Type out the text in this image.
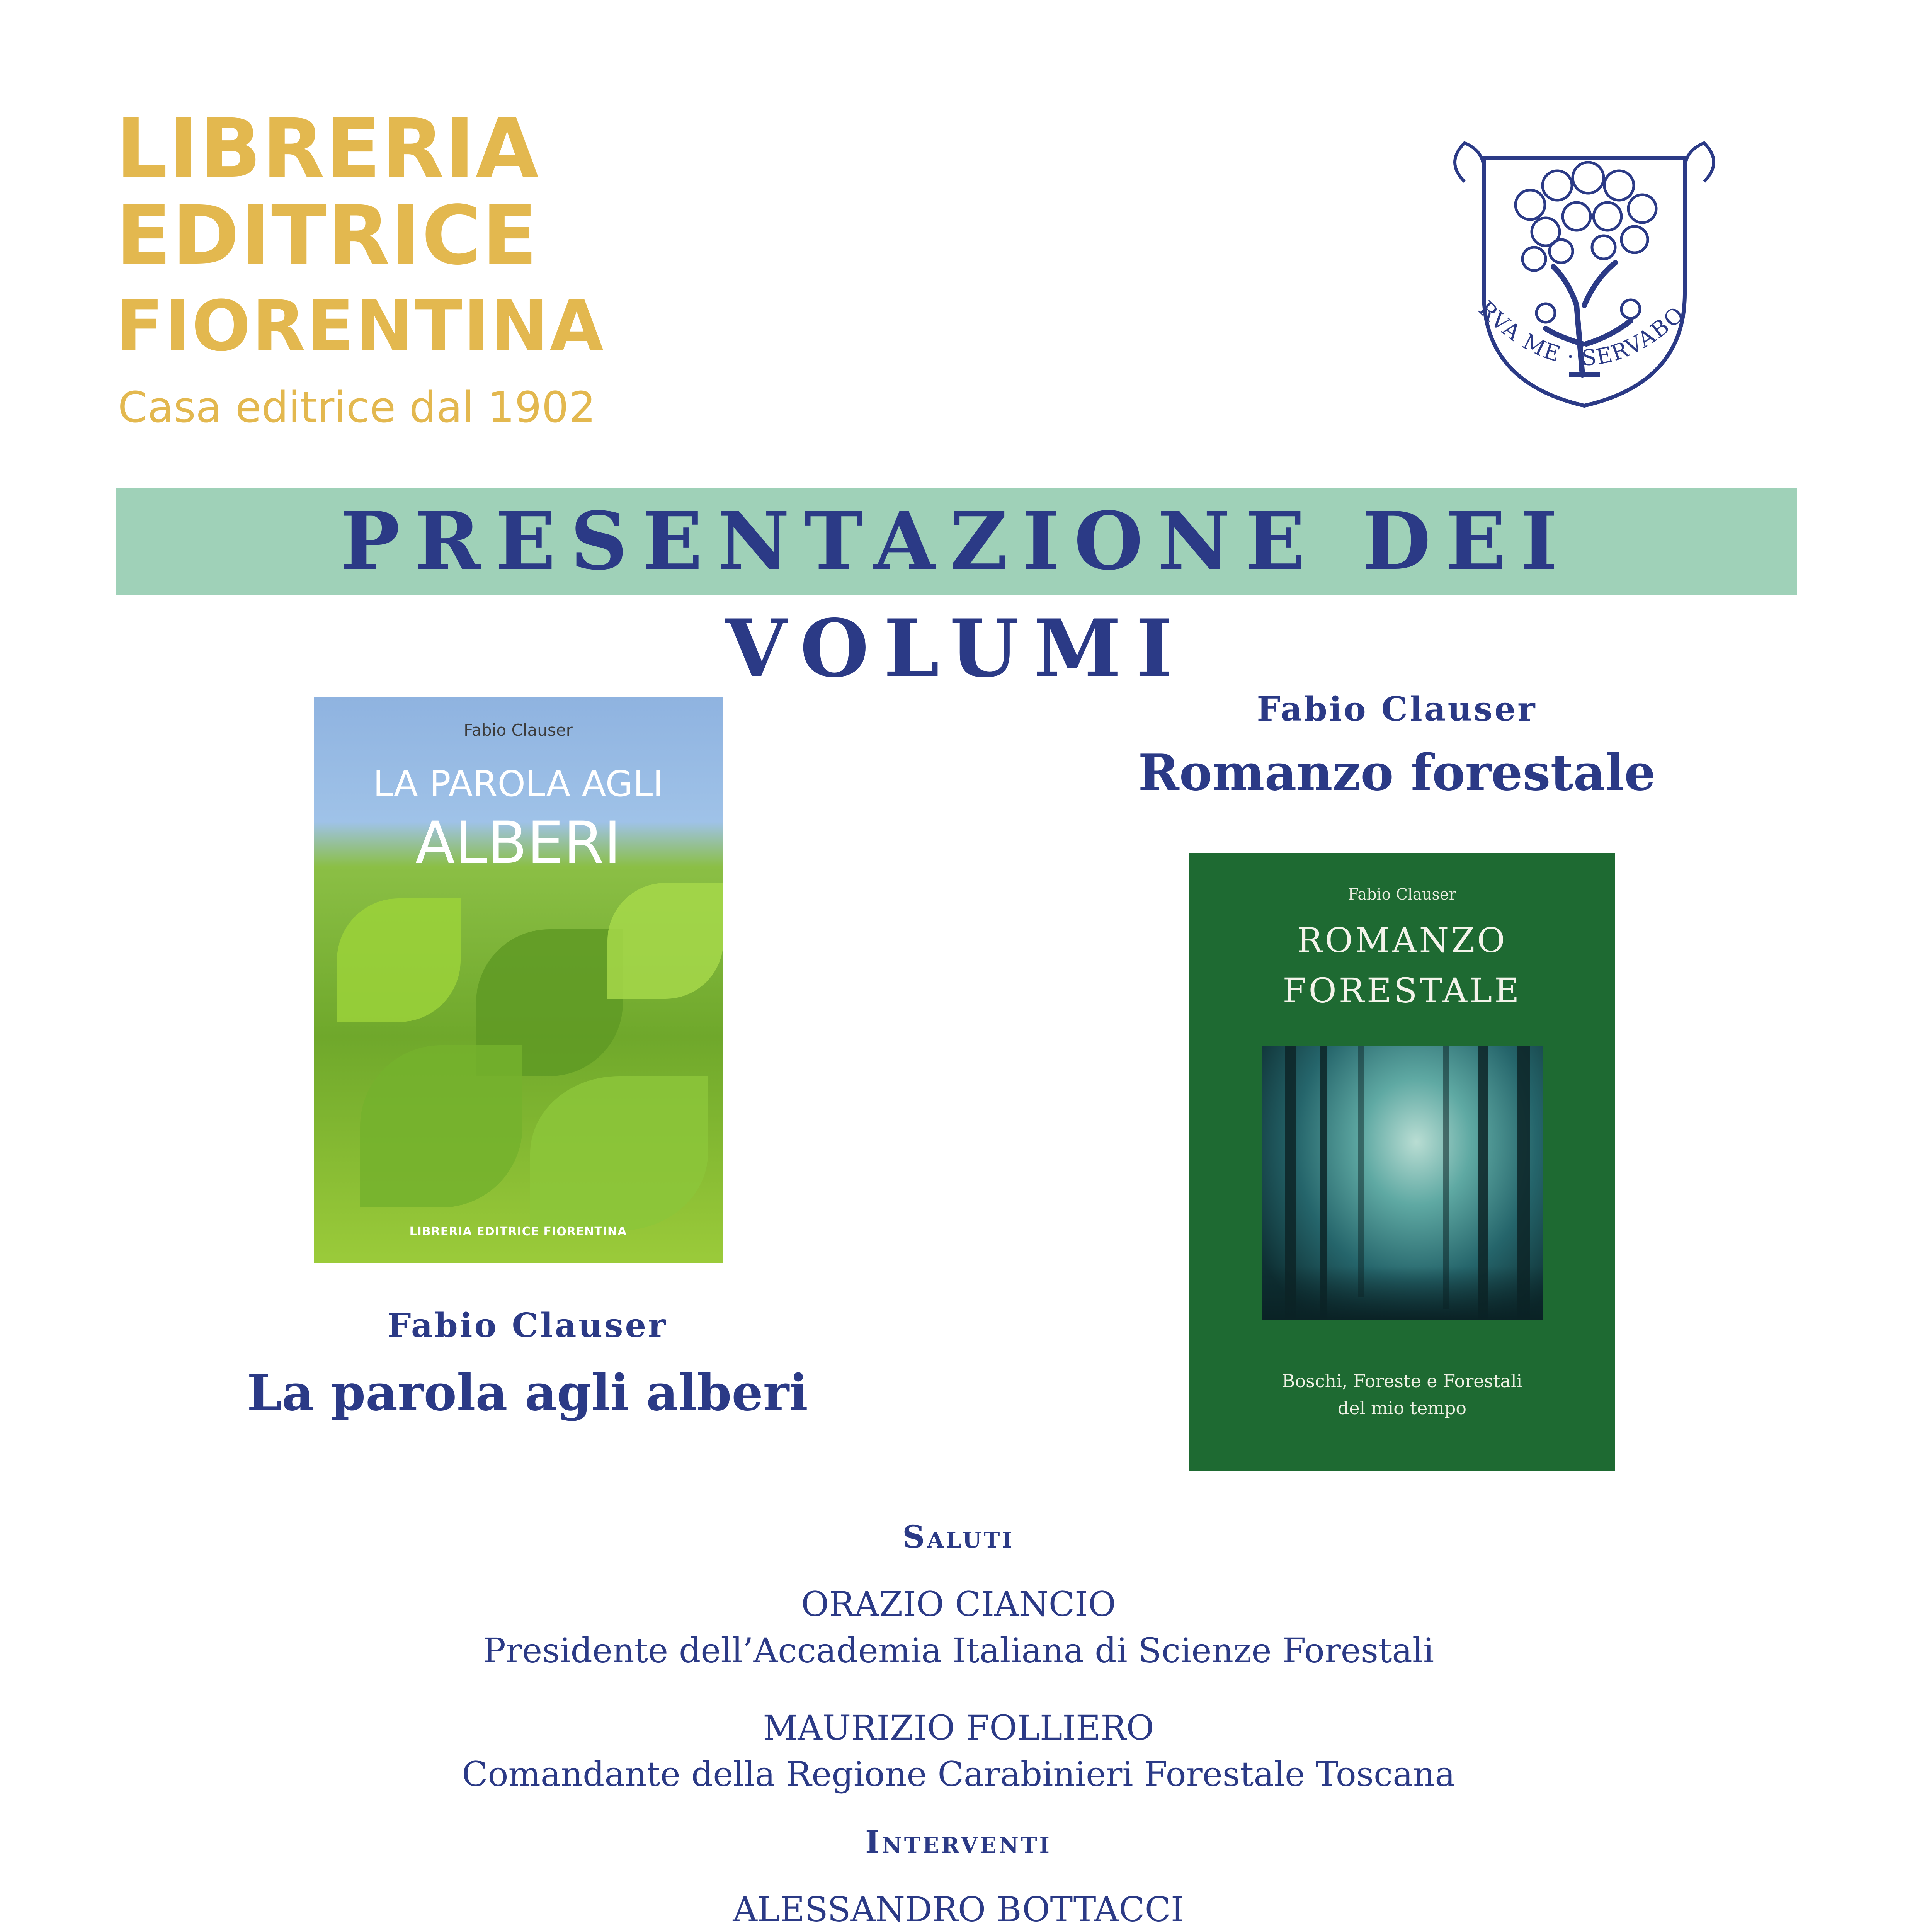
LIBRERIA
EDITRICE
FIORENTINA
Casa editrice dal 1902
RVA ME · SERVABO
PRESENTAZIONE DEI VOLUMI
Fabio Clauser
LA PAROLA AGLI
ALBERI
LIBRERIA EDITRICE FIORENTINA
Fabio Clauser
ROMANZO
FORESTALE
Boschi, Foreste e Forestali
del mio tempo
Fabio Clauser
La parola agli alberi
Fabio Clauser
Romanzo forestale
Saluti
ORAZIO CIANCIO
Presidente dell’Accademia Italiana di Scienze Forestali
MAURIZIO FOLLIERO
Comandante della Regione Carabinieri Forestale Toscana
Interventi
ALESSANDRO BOTTACCI
